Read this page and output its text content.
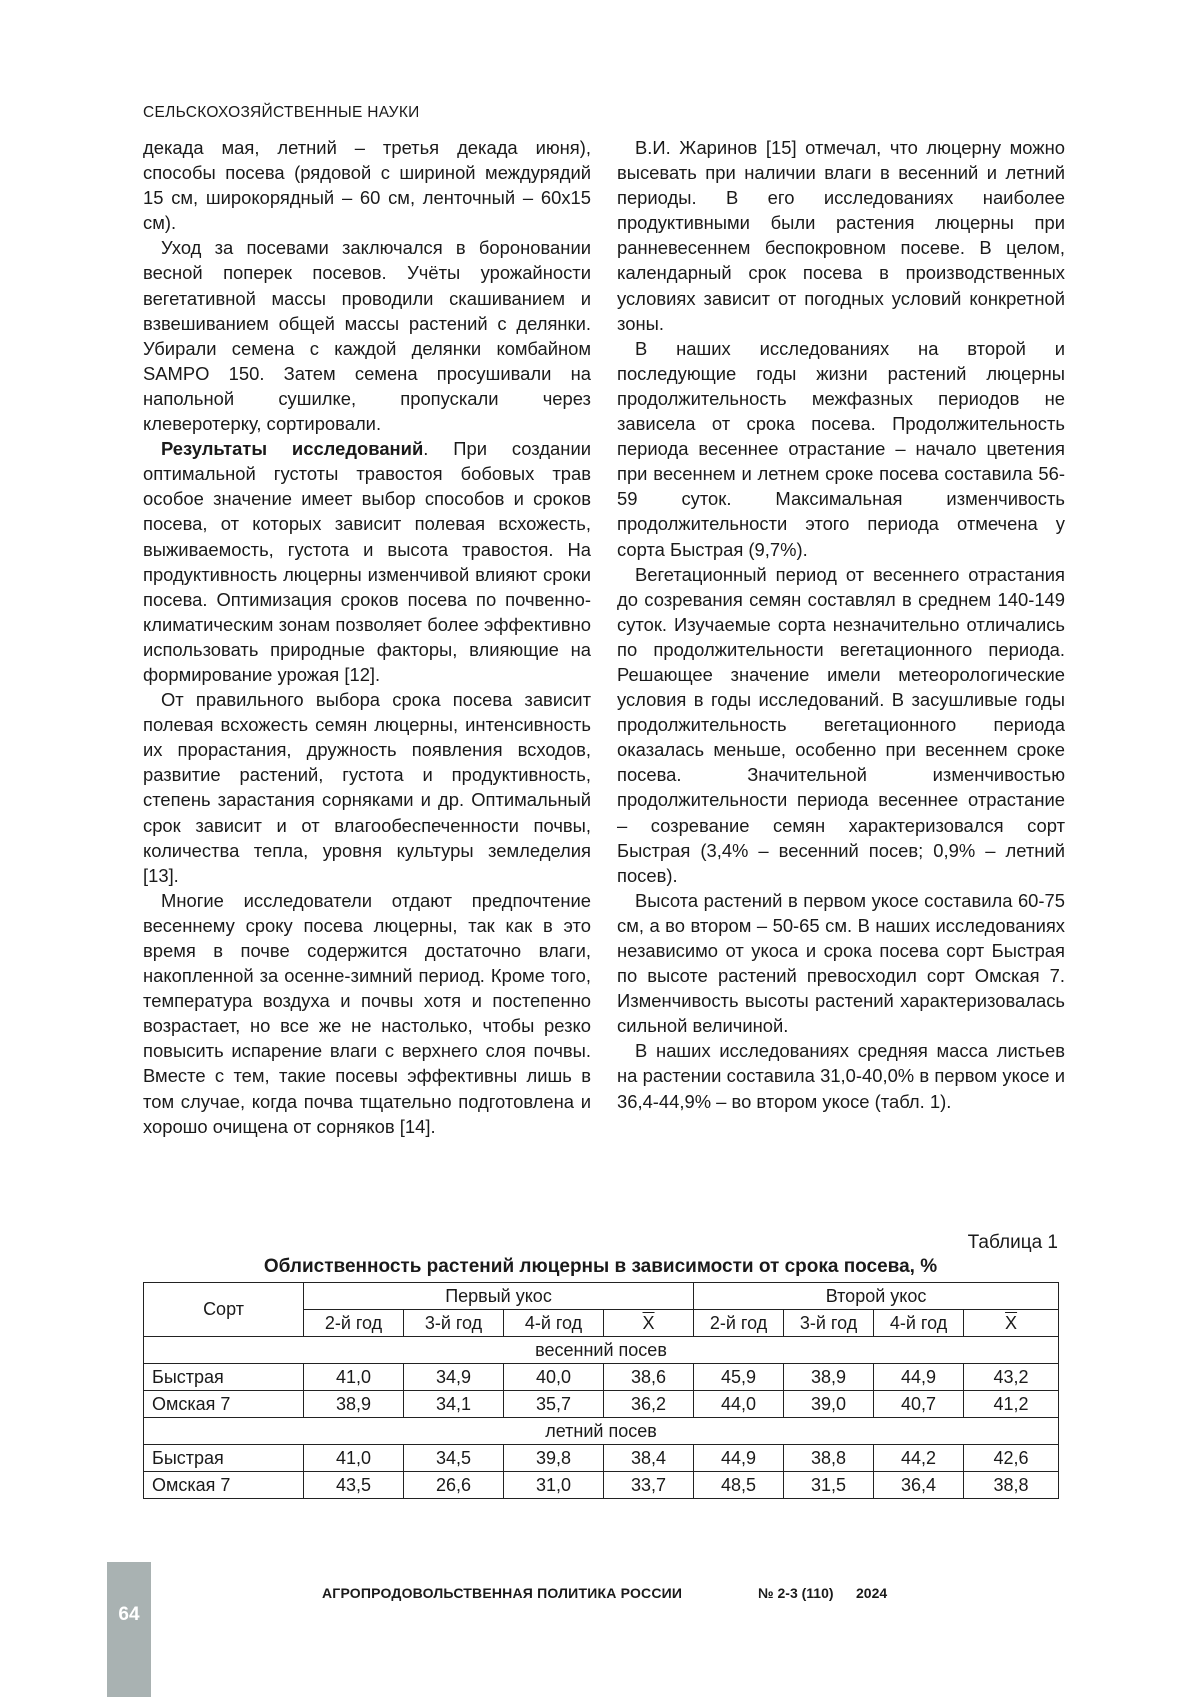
СЕЛЬСКОХОЗЯЙСТВЕННЫЕ НАУКИ

декада мая, летний – третья декада июня), способы посева (рядовой с шириной междурядий 15 см, широкорядный – 60 см, ленточный – 60х15 см).

Уход за посевами заключался в бороновании весной поперек посевов. Учёты урожайности вегетативной массы проводили скашиванием и взвешиванием общей массы растений с делянки. Убирали семена с каждой делянки комбайном SAMPO 150. Затем семена просушивали на напольной сушилке, пропускали через клеверотерку, сортировали.

Результаты исследований. При создании оптимальной густоты травостоя бобовых трав особое значение имеет выбор способов и сроков посева, от которых зависит полевая всхожесть, выживаемость, густота и высота травостоя. На продуктивность люцерны изменчивой влияют сроки посева. Оптимизация сроков посева по почвенно-климатическим зонам позволяет более эффективно использовать природные факторы, влияющие на формирование урожая [12].

От правильного выбора срока посева зависит полевая всхожесть семян люцерны, интенсивность их прорастания, дружность появления всходов, развитие растений, густота и продуктивность, степень зарастания сорняками и др. Оптимальный срок зависит и от влагообеспеченности почвы, количества тепла, уровня культуры земледелия [13].

Многие исследователи отдают предпочтение весеннему сроку посева люцерны, так как в это время в почве содержится достаточно влаги, накопленной за осенне-зимний период. Кроме того, температура воздуха и почвы хотя и постепенно возрастает, но все же не настолько, чтобы резко повысить испарение влаги с верхнего слоя почвы. Вместе с тем, такие посевы эффективны лишь в том случае, когда почва тщательно подготовлена и хорошо очищена от сорняков [14].

В.И. Жаринов [15] отмечал, что люцерну можно высевать при наличии влаги в весенний и летний периоды. В его исследованиях наиболее продуктивными были растения люцерны при ранневесеннем беспокровном посеве. В целом, календарный срок посева в производственных условиях зависит от погодных условий конкретной зоны.

В наших исследованиях на второй и последующие годы жизни растений люцерны продолжительность межфазных периодов не зависела от срока посева. Продолжительность периода весеннее отрастание – начало цветения при весеннем и летнем сроке посева составила 56-59 суток. Максимальная изменчивость продолжительности этого периода отмечена у сорта Быстрая (9,7%).

Вегетационный период от весеннего отрастания до созревания семян составлял в среднем 140-149 суток. Изучаемые сорта незначительно отличались по продолжительности вегетационного периода. Решающее значение имели метеорологические условия в годы исследований. В засушливые годы продолжительность вегетационного периода оказалась меньше, особенно при весеннем сроке посева. Значительной изменчивостью продолжительности периода весеннее отрастание – созревание семян характеризовался сорт Быстрая (3,4% – весенний посев; 0,9% – летний посев).

Высота растений в первом укосе составила 60-75 см, а во втором – 50-65 см. В наших исследованиях независимо от укоса и срока посева сорт Быстрая по высоте растений превосходил сорт Омская 7. Изменчивость высоты растений характеризовалась сильной величиной.

В наших исследованиях средняя масса листьев на растении составила 31,0-40,0% в первом укосе и 36,4-44,9% – во втором укосе (табл. 1).

Таблица 1
Облиственность растений люцерны в зависимости от срока посева, %
Сорт	Первый укос				Второй укос			
	2-й год	3-й год	4-й год	$\overline{X}$	2-й год	3-й год	4-й год	$\overline{X}$
весенний посев								
Быстрая	41,0	34,9	40,0	38,6	45,9	38,9	44,9	43,2
Омская 7	38,9	34,1	35,7	36,2	44,0	39,0	40,7	41,2
летний посев								
Быстрая	41,0	34,5	39,8	38,4	44,9	38,8	44,2	42,6
Омская 7	43,5	26,6	31,0	33,7	48,5	31,5	36,4	38,8
АГРОПРОДОВОЛЬСТВЕННАЯ ПОЛИТИКА РОССИИ	№ 2-3 (110) 2024
64
